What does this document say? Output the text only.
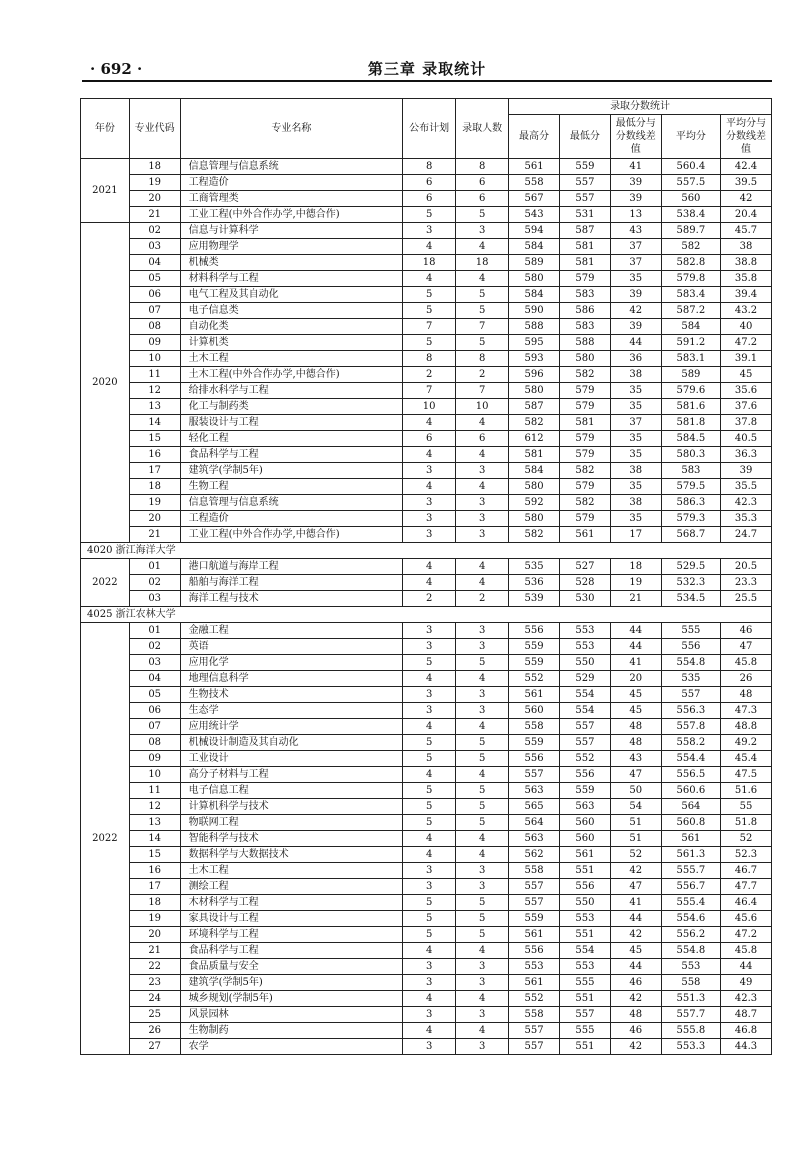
· 692 ·	第三章 录取统计
年份	专业代码	专业名称	公布计划	录取人数	录取分数统计				
					最高分	最低分	最低分与分数线差值	平均分	平均分与分数线差值
2021	18	信息管理与信息系统	8	8	561	559	41	560.4	42.4
	19	工程造价	6	6	558	557	39	557.5	39.5
	20	工商管理类	6	6	567	557	39	560	42
	21	工业工程(中外合作办学,中德合作)	5	5	543	531	13	538.4	20.4
2020	02	信息与计算科学	3	3	594	587	43	589.7	45.7
	03	应用物理学	4	4	584	581	37	582	38
	04	机械类	18	18	589	581	37	582.8	38.8
	05	材料科学与工程	4	4	580	579	35	579.8	35.8
	06	电气工程及其自动化	5	5	584	583	39	583.4	39.4
	07	电子信息类	5	5	590	586	42	587.2	43.2
	08	自动化类	7	7	588	583	39	584	40
	09	计算机类	5	5	595	588	44	591.2	47.2
	10	土木工程	8	8	593	580	36	583.1	39.1
	11	土木工程(中外合作办学,中德合作)	2	2	596	582	38	589	45
	12	给排水科学与工程	7	7	580	579	35	579.6	35.6
	13	化工与制药类	10	10	587	579	35	581.6	37.6
	14	服装设计与工程	4	4	582	581	37	581.8	37.8
	15	轻化工程	6	6	612	579	35	584.5	40.5
	16	食品科学与工程	4	4	581	579	35	580.3	36.3
	17	建筑学(学制5年)	3	3	584	582	38	583	39
	18	生物工程	4	4	580	579	35	579.5	35.5
	19	信息管理与信息系统	3	3	592	582	38	586.3	42.3
	20	工程造价	3	3	580	579	35	579.3	35.3
	21	工业工程(中外合作办学,中德合作)	3	3	582	561	17	568.7	24.7
4020 浙江海洋大学									
2022	01	港口航道与海岸工程	4	4	535	527	18	529.5	20.5
	02	船舶与海洋工程	4	4	536	528	19	532.3	23.3
	03	海洋工程与技术	2	2	539	530	21	534.5	25.5
4025 浙江农林大学									
2022	01	金融工程	3	3	556	553	44	555	46
	02	英语	3	3	559	553	44	556	47
	03	应用化学	5	5	559	550	41	554.8	45.8
	04	地理信息科学	4	4	552	529	20	535	26
	05	生物技术	3	3	561	554	45	557	48
	06	生态学	3	3	560	554	45	556.3	47.3
	07	应用统计学	4	4	558	557	48	557.8	48.8
	08	机械设计制造及其自动化	5	5	559	557	48	558.2	49.2
	09	工业设计	5	5	556	552	43	554.4	45.4
	10	高分子材料与工程	4	4	557	556	47	556.5	47.5
	11	电子信息工程	5	5	563	559	50	560.6	51.6
	12	计算机科学与技术	5	5	565	563	54	564	55
	13	物联网工程	5	5	564	560	51	560.8	51.8
	14	智能科学与技术	4	4	563	560	51	561	52
	15	数据科学与大数据技术	4	4	562	561	52	561.3	52.3
	16	土木工程	3	3	558	551	42	555.7	46.7
	17	测绘工程	3	3	557	556	47	556.7	47.7
	18	木材科学与工程	5	5	557	550	41	555.4	46.4
	19	家具设计与工程	5	5	559	553	44	554.6	45.6
	20	环境科学与工程	5	5	561	551	42	556.2	47.2
	21	食品科学与工程	4	4	556	554	45	554.8	45.8
	22	食品质量与安全	3	3	553	553	44	553	44
	23	建筑学(学制5年)	3	3	561	555	46	558	49
	24	城乡规划(学制5年)	4	4	552	551	42	551.3	42.3
	25	风景园林	3	3	558	557	48	557.7	48.7
	26	生物制药	4	4	557	555	46	555.8	46.8
	27	农学	3	3	557	551	42	553.3	44.3
